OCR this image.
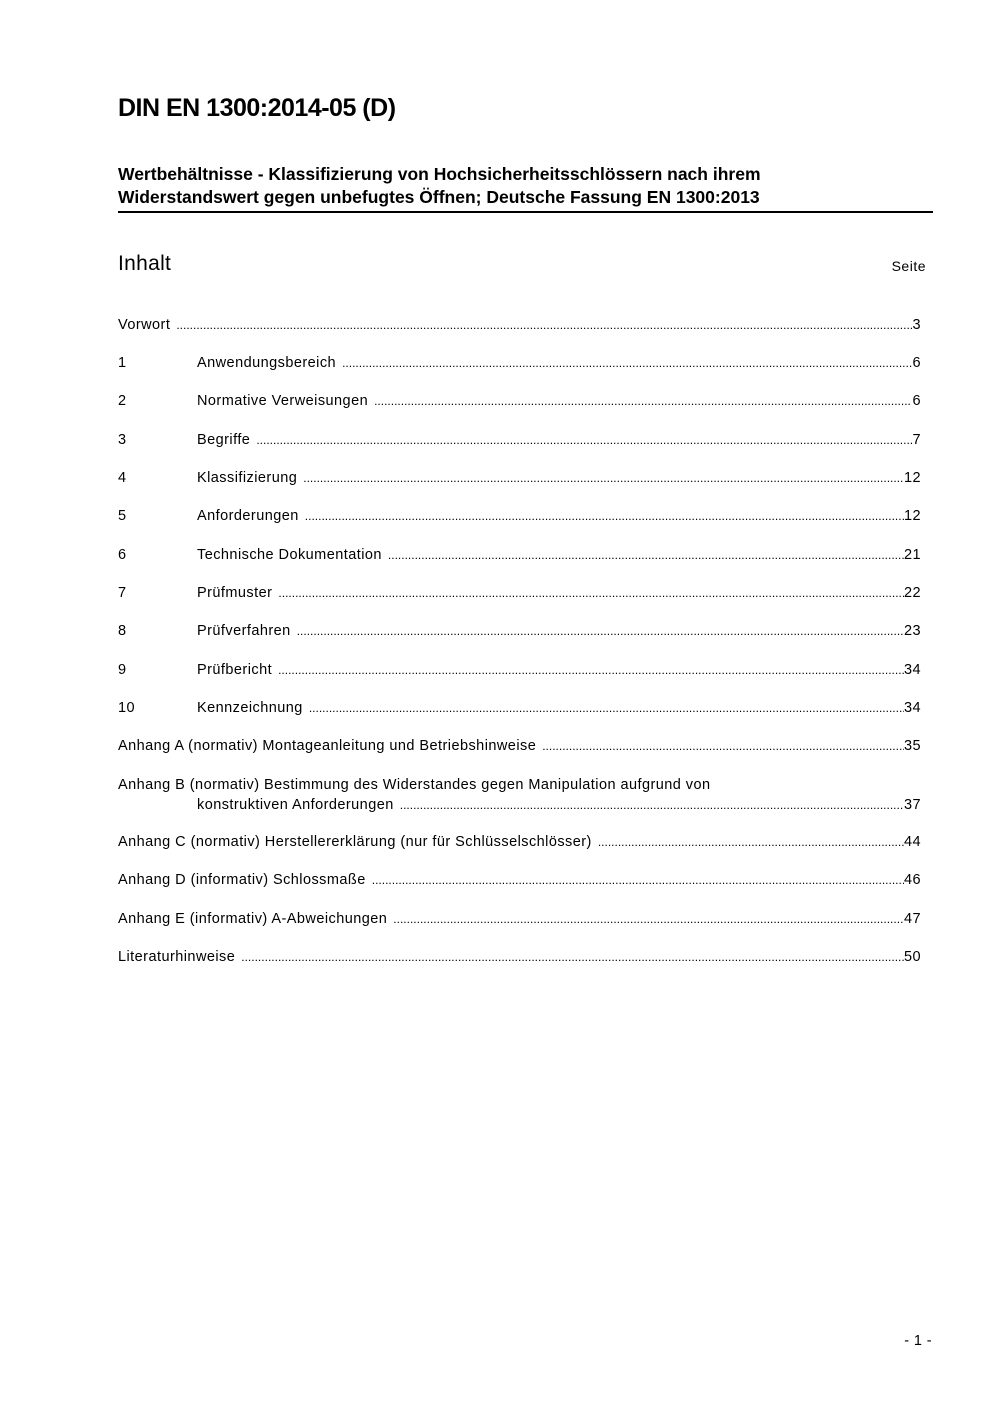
DIN EN 1300:2014-05 (D)
Wertbehältnisse - Klassifizierung von Hochsicherheitsschlössern nach ihrem
Widerstandswert gegen unbefugtes Öffnen; Deutsche Fassung EN 1300:2013
Inhalt	Seite
Vorwort .....	3
1	Anwendungsbereich .....	6
2	Normative Verweisungen .....	6
3	Begriffe .....	7
4	Klassifizierung .....	12
5	Anforderungen .....	12
6	Technische Dokumentation .....	21
7	Prüfmuster .....	22
8	Prüfverfahren .....	23
9	Prüfbericht .....	34
10	Kennzeichnung .....	34
Anhang A (normativ) Montageanleitung und Betriebshinweise .....	35
Anhang B (normativ) Bestimmung des Widerstandes gegen Manipulation aufgrund von
konstruktiven Anforderungen .....	37
Anhang C (normativ) Herstellererklärung (nur für Schlüsselschlösser) .....	44
Anhang D (informativ) Schlossmaße .....	46
Anhang E (informativ) A-Abweichungen .....	47
Literaturhinweise .....	50
- 1 -
